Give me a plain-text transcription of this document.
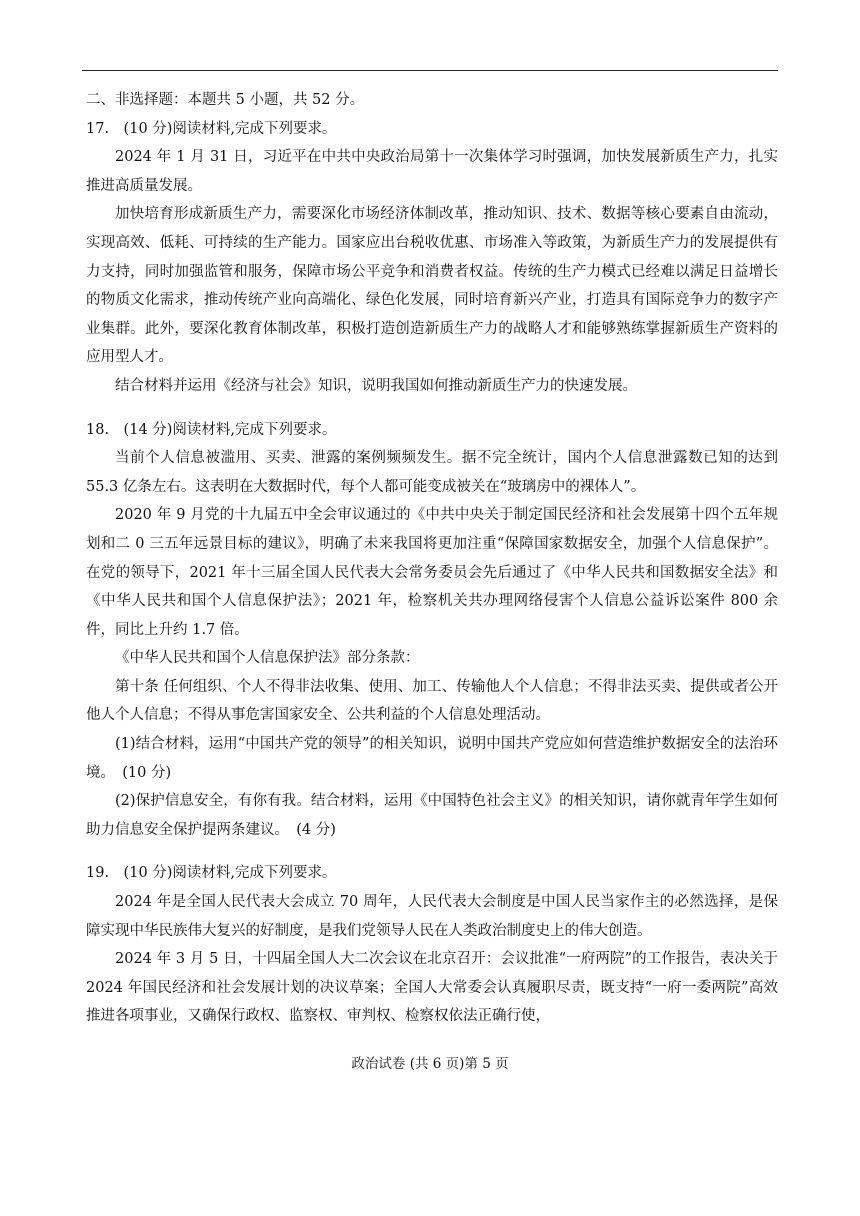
二、非选择题：本题共 5 小题，共 52 分。

17.　(10 分)阅读材料,完成下列要求。

2024 年 1 月 31 日，习近平在中共中央政治局第十一次集体学习时强调，加快发展新质生产力，扎实推进高质量发展。

加快培育形成新质生产力，需要深化市场经济体制改革，推动知识、技术、数据等核心要素自由流动，实现高效、低耗、可持续的生产能力。国家应出台税收优惠、市场准入等政策，为新质生产力的发展提供有力支持，同时加强监管和服务，保障市场公平竞争和消费者权益。传统的生产力模式已经难以满足日益增长的物质文化需求，推动传统产业向高端化、绿色化发展，同时培育新兴产业，打造具有国际竞争力的数字产业集群。此外，要深化教育体制改革，积极打造创造新质生产力的战略人才和能够熟练掌握新质生产资料的应用型人才。

结合材料并运用《经济与社会》知识，说明我国如何推动新质生产力的快速发展。

18.　(14 分)阅读材料,完成下列要求。

当前个人信息被滥用、买卖、泄露的案例频频发生。据不完全统计，国内个人信息泄露数已知的达到 55.3 亿条左右。这表明在大数据时代，每个人都可能变成被关在“玻璃房中的裸体人”。

2020 年 9 月党的十九届五中全会审议通过的《中共中央关于制定国民经济和社会发展第十四个五年规划和二 0 三五年远景目标的建议》，明确了未来我国将更加注重“保障国家数据安全，加强个人信息保护”。在党的领导下，2021 年十三届全国人民代表大会常务委员会先后通过了《中华人民共和国数据安全法》和《中华人民共和国个人信息保护法》；2021 年，检察机关共办理网络侵害个人信息公益诉讼案件 800 余件，同比上升约 1.7 倍。

《中华人民共和国个人信息保护法》部分条款：

第十条 任何组织、个人不得非法收集、使用、加工、传输他人个人信息；不得非法买卖、提供或者公开他人个人信息；不得从事危害国家安全、公共利益的个人信息处理活动。

(1)结合材料，运用“中国共产党的领导”的相关知识，说明中国共产党应如何营造维护数据安全的法治环境。　(10 分)

(2)保护信息安全，有你有我。结合材料，运用《中国特色社会主义》的相关知识，请你就青年学生如何助力信息安全保护提两条建议。　(4 分)

19.　(10 分)阅读材料,完成下列要求。

2024 年是全国人民代表大会成立 70 周年，人民代表大会制度是中国人民当家作主的必然选择，是保障实现中华民族伟大复兴的好制度，是我们党领导人民在人类政治制度史上的伟大创造。

2024 年 3 月 5 日，十四届全国人大二次会议在北京召开：会议批准“一府两院”的工作报告，表决关于 2024 年国民经济和社会发展计划的决议草案；全国人大常委会认真履职尽责，既支持“一府一委两院”高效推进各项事业，又确保行政权、监察权、审判权、检察权依法正确行使，

政治试卷 (共 6 页)第 5 页
